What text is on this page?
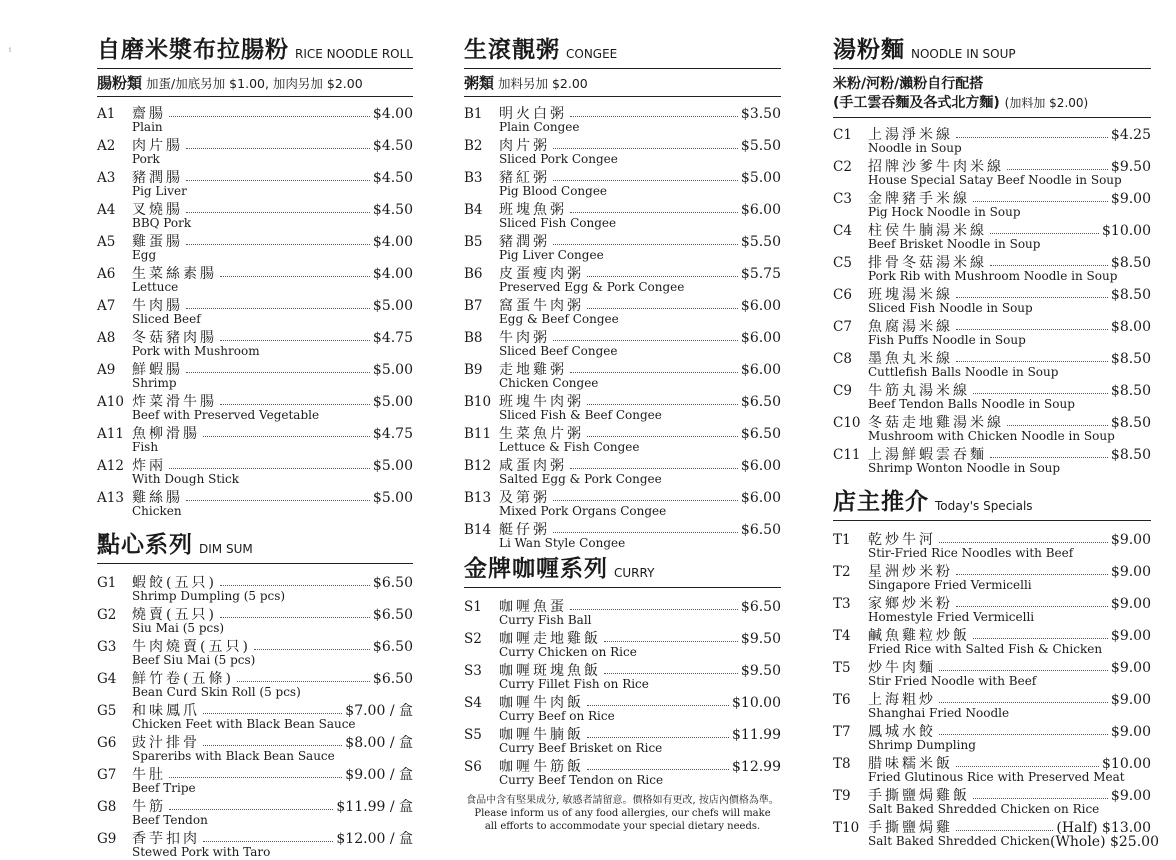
¹	自磨米漿布拉腸粉 RICE NOODLE ROLL
腸粉類 加蛋/加底另加 $1.00, 加肉另加 $2.00
A1	齋腸	$4.00
Plain
A2	肉片腸	$4.50
Pork
A3	豬潤腸	$4.50
Pig Liver
A4	叉燒腸	$4.50
BBQ Pork
A5	雞蛋腸	$4.00
Egg
A6	生菜絲素腸	$4.00
Lettuce
A7	牛肉腸	$5.00
Sliced Beef
A8	冬菇豬肉腸	$4.75
Pork with Mushroom
A9	鮮蝦腸	$5.00
Shrimp
A10 炸菜滑牛腸	$5.00
Beef with Preserved Vegetable
A11 魚柳滑腸	$4.75
Fish
A12 炸兩	$5.00
With Dough Stick
A13 雞絲腸	$5.00
Chicken
點心系列 DIM SUM
G1	蝦餃(五只)	$6.50
Shrimp Dumpling (5 pcs)
G2	燒賣(五只)	$6.50
Siu Mai (5 pcs)
G3	牛肉燒賣(五只)	$6.50
Beef Siu Mai (5 pcs)
G4	鮮竹卷(五條)	$6.50
Bean Curd Skin Roll (5 pcs)
G5	和味鳳爪	$7.00 / 盒
Chicken Feet with Black Bean Sauce
G6	豉汁排骨	$8.00 / 盒
Spareribs with Black Bean Sauce
G7	牛肚	$9.00 / 盒
Beef Tripe
G8	牛筋	$11.99 / 盒
Beef Tendon
G9	香芋扣肉	$12.00 / 盒
Stewed Pork with Taro
生滾靚粥 CONGEE
粥類 加料另加 $2.00
B1	明火白粥	$3.50
Plain Congee
B2	肉片粥	$5.50
Sliced Pork Congee
B3	豬紅粥	$5.00
Pig Blood Congee
B4	班塊魚粥	$6.00
Sliced Fish Congee
B5	豬潤粥	$5.50
Pig Liver Congee
B6	皮蛋瘦肉粥	$5.75
Preserved Egg & Pork Congee
B7	窩蛋牛肉粥	$6.00
Egg & Beef Congee
B8	牛肉粥	$6.00
Sliced Beef Congee
B9	走地雞粥	$6.00
Chicken Congee
B10 班塊牛肉粥	$6.50
Sliced Fish & Beef Congee
B11 生菜魚片粥	$6.50
Lettuce & Fish Congee
B12 咸蛋肉粥	$6.00
Salted Egg & Pork Congee
B13 及第粥	$6.00
Mixed Pork Organs Congee
B14 艇仔粥	$6.50
Li Wan Style Congee
金牌咖喱系列 CURRY
S1	咖喱魚蛋	$6.50
Curry Fish Ball
S2	咖喱走地雞飯	$9.50
Curry Chicken on Rice
S3	咖喱斑塊魚飯	$9.50
Curry Fillet Fish on Rice
S4	咖喱牛肉飯	$10.00
Curry Beef on Rice
S5	咖喱牛腩飯	$11.99
Curry Beef Brisket on Rice
S6	咖喱牛筋飯	$12.99
Curry Beef Tendon on Rice
食品中含有堅果成分, 敏感者請留意。價格如有更改, 按店內價格為準。
Please inform us of any food allergies, our chefs will make
all efforts to accommodate your special dietary needs.
湯粉麵 NOODLE IN SOUP
米粉/河粉/瀨粉自行配搭
(手工雲吞麵及各式北方麵) (加料加 $2.00)
C1	上湯淨米線	$4.25
Noodle in Soup
C2	招牌沙爹牛肉米線	$9.50
House Special Satay Beef Noodle in Soup
C3	金牌豬手米線	$9.00
Pig Hock Noodle in Soup
C4	柱侯牛腩湯米線	$10.00
Beef Brisket Noodle in Soup
C5	排骨冬菇湯米線	$8.50
Pork Rib with Mushroom Noodle in Soup
C6	班塊湯米線	$8.50
Sliced Fish Noodle in Soup
C7	魚腐湯米線	$8.00
Fish Puffs Noodle in Soup
C8	墨魚丸米線	$8.50
Cuttlefish Balls Noodle in Soup
C9	牛筋丸湯米線	$8.50
Beef Tendon Balls Noodle in Soup
C10 冬菇走地雞湯米線	$8.50
Mushroom with Chicken Noodle in Soup
C11 上湯鮮蝦雲吞麵	$8.50
Shrimp Wonton Noodle in Soup
店主推介 Today's Specials
T1	乾炒牛河	$9.00
Stir-Fried Rice Noodles with Beef
T2	星洲炒米粉	$9.00
Singapore Fried Vermicelli
T3	家鄉炒米粉	$9.00
Homestyle Fried Vermicelli
T4	鹹魚雞粒炒飯	$9.00
Fried Rice with Salted Fish & Chicken
T5	炒牛肉麵	$9.00
Stir Fried Noodle with Beef
T6	上海粗炒	$9.00
Shanghai Fried Noodle
T7	鳳城水餃	$9.00
Shrimp Dumpling
T8	腊味糯米飯	$10.00
Fried Glutinous Rice with Preserved Meat
T9	手撕鹽焗雞飯	$9.00
Salt Baked Shredded Chicken on Rice
T10 手撕鹽焗雞	(Half) $13.00
Salt Baked Shredded Chicken (Whole) $25.00
